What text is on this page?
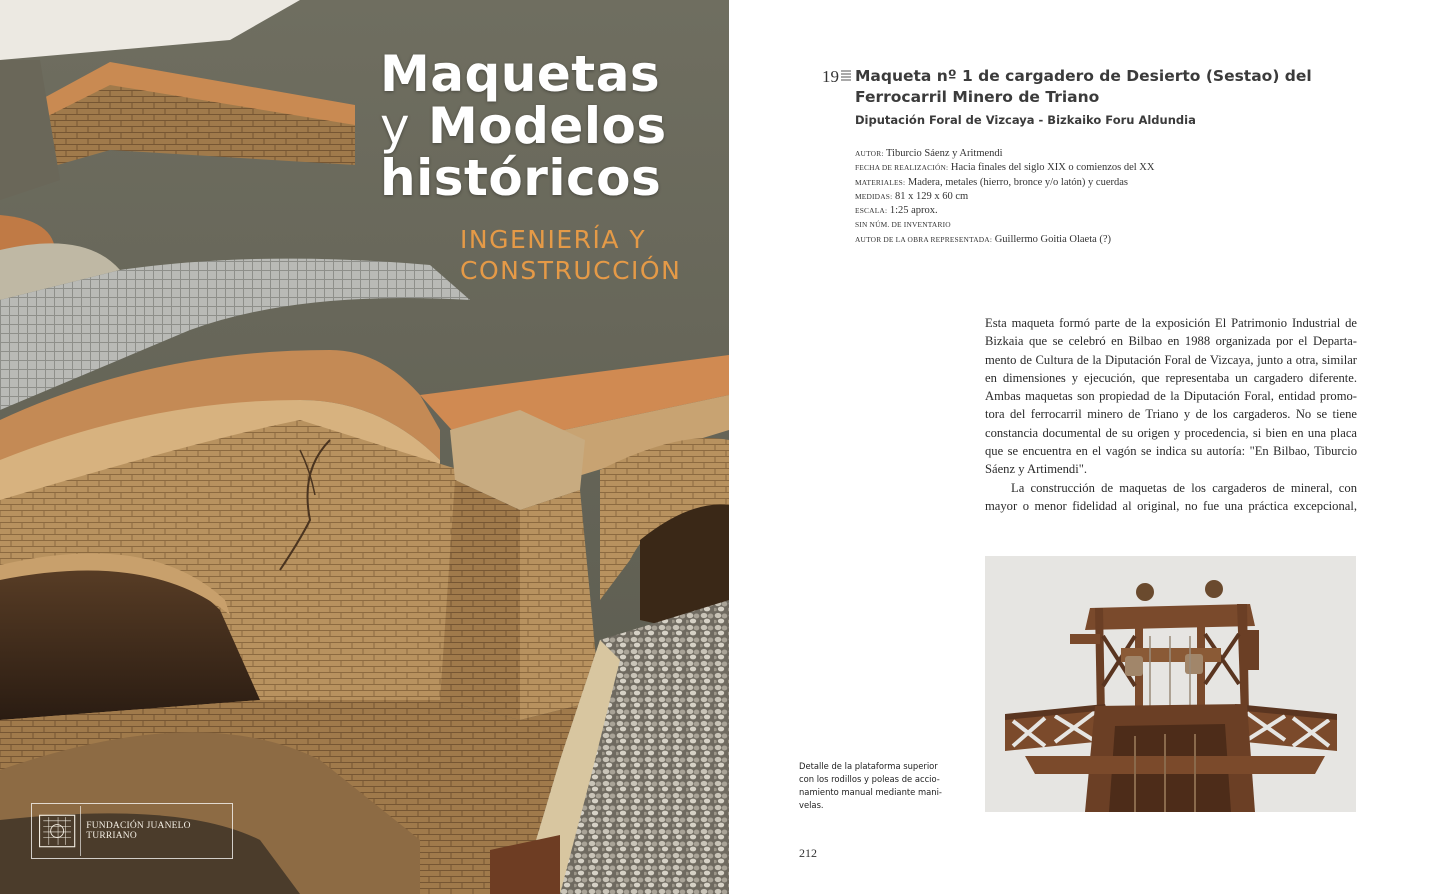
Maquetas
y Modelos
históricos
INGENIERÍA Y
CONSTRUCCIÓN
FUNDACIÓN JUANELO TURRIANO
19 Maqueta nº 1 de cargadero de Desierto (Sestao) del Ferrocarril Minero de Triano
Diputación Foral de Vizcaya - Bizkaiko Foru Aldundia
AUTOR: Tiburcio Sáenz y Aritmendi
FECHA DE REALIZACIÓN: Hacia finales del siglo XIX o comienzos del XX
MATERIALES: Madera, metales (hierro, bronce y/o latón) y cuerdas
MEDIDAS: 81 x 129 x 60 cm
ESCALA: 1:25 aprox.
SIN NÚM. DE INVENTARIO
AUTOR DE LA OBRA REPRESENTADA: Guillermo Goitia Olaeta (?)
Esta maqueta formó parte de la exposición El Patrimonio Industrial de
Bizkaia que se celebró en Bilbao en 1988 organizada por el Departa-
mento de Cultura de la Diputación Foral de Vizcaya, junto a otra, similar
en dimensiones y ejecución, que representaba un cargadero diferente.
Ambas maquetas son propiedad de la Diputación Foral, entidad promo-
tora del ferrocarril minero de Triano y de los cargaderos. No se tiene
constancia documental de su origen y procedencia, si bien en una placa
que se encuentra en el vagón se indica su autoría: "En Bilbao, Tiburcio
Sáenz y Artimendi".
La construcción de maquetas de los cargaderos de mineral, con
mayor o menor fidelidad al original, no fue una práctica excepcional,
Detalle de la plataforma superior
con los rodillos y poleas de accio-
namiento manual mediante mani-
velas.
212
